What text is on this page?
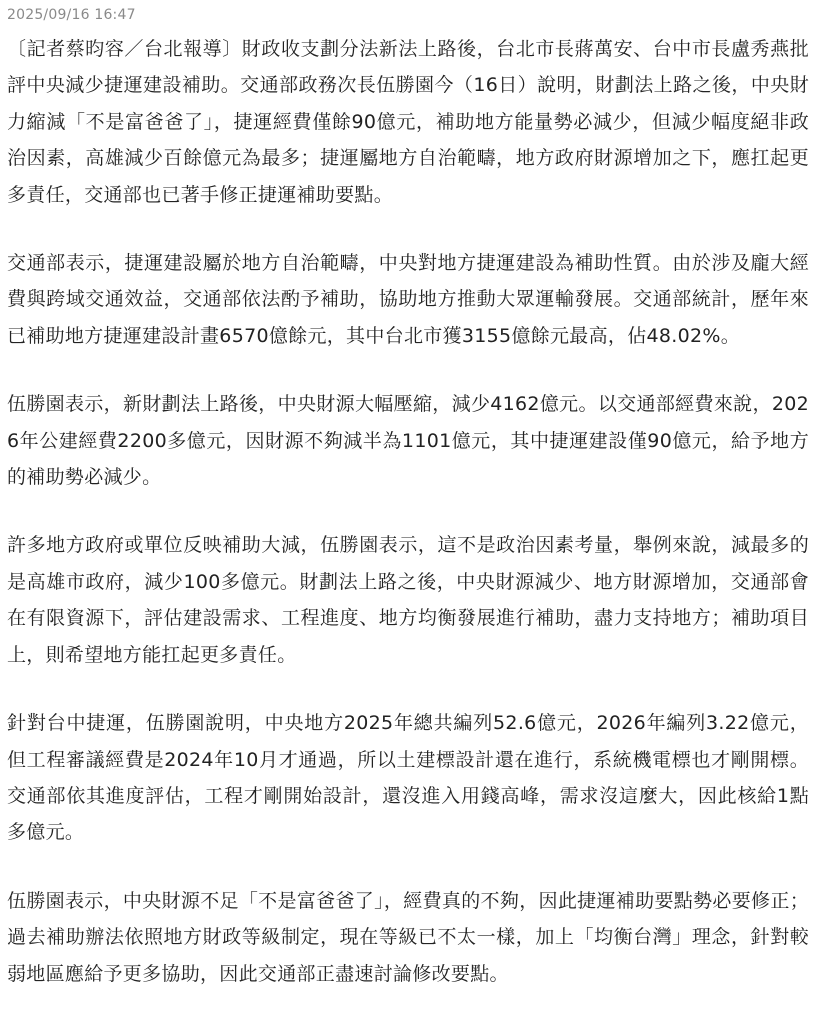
2025/09/16 16:47

〔記者蔡昀容／台北報導〕財政收支劃分法新法上路後，台北市長蔣萬安、台中市長盧秀燕批評中央減少捷運建設補助。交通部政務次長伍勝園今（16日）說明，財劃法上路之後，中央財力縮減「不是富爸爸了」，捷運經費僅餘90億元，補助地方能量勢必減少，但減少幅度絕非政治因素，高雄減少百餘億元為最多；捷運屬地方自治範疇，地方政府財源增加之下，應扛起更多責任，交通部也已著手修正捷運補助要點。

交通部表示，捷運建設屬於地方自治範疇，中央對地方捷運建設為補助性質。由於涉及龐大經費與跨域交通效益，交通部依法酌予補助，協助地方推動大眾運輸發展。交通部統計，歷年來已補助地方捷運建設計畫6570億餘元，其中台北市獲3155億餘元最高，佔48.02%。

伍勝園表示，新財劃法上路後，中央財源大幅壓縮，減少4162億元。以交通部經費來說，2026年公建經費2200多億元，因財源不夠減半為1101億元，其中捷運建設僅90億元，給予地方的補助勢必減少。

許多地方政府或單位反映補助大減，伍勝園表示，這不是政治因素考量，舉例來說，減最多的是高雄市政府，減少100多億元。財劃法上路之後，中央財源減少、地方財源增加，交通部會在有限資源下，評估建設需求、工程進度、地方均衡發展進行補助，盡力支持地方；補助項目上，則希望地方能扛起更多責任。

針對台中捷運，伍勝園說明，中央地方2025年總共編列52.6億元，2026年編列3.22億元，但工程審議經費是2024年10月才通過，所以土建標設計還在進行，系統機電標也才剛開標。交通部依其進度評估，工程才剛開始設計，還沒進入用錢高峰，需求沒這麼大，因此核給1點多億元。

伍勝園表示，中央財源不足「不是富爸爸了」，經費真的不夠，因此捷運補助要點勢必要修正；過去補助辦法依照地方財政等級制定，現在等級已不太一樣，加上「均衡台灣」理念，針對較弱地區應給予更多協助，因此交通部正盡速討論修改要點。
